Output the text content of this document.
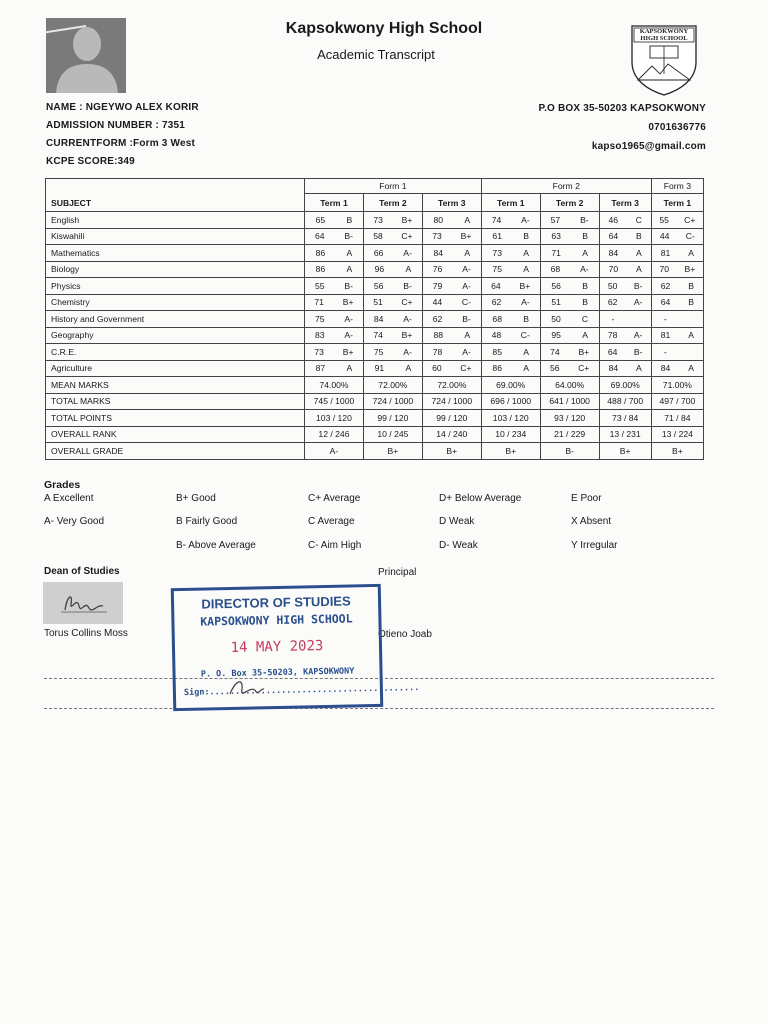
Kapsokwony High School
Academic Transcript
KAPSOKWONY HIGH SCHOOL
NAME : NGEYWO ALEX KORIR
ADMISSION NUMBER : 7351
CURRENTFORM :Form 3 West
KCPE SCORE:349
P.O BOX 35-50203 KAPSOKWONY
0701636776
kapso1965@gmail.com
SUBJECT	Form 1			Form 2			Form 3
	Term 1	Term 2	Term 3	Term 1	Term 2	Term 3	Term 1
English	65 B	73 B+	80 A	74 A-	57 B-	46 C	55 C+

Kiswahili	64 B-	58 C+	73 B+	61 B	63 B	64 B	44 C-

Mathematics	86 A	66 A-	84 A	73 A	71 A	84 A	81 A

Biology	86 A	96 A	76 A-	75 A	68 A-	70 A	70 B+

Physics	55 B-	56 B-	79 A-	64 B+	56 B	50 B-	62 B

Chemistry	71 B+	51 C+	44 C-	62 A-	51 B	62 A-	64 B

History and Government	75 A-	84 A-	62 B-	68 B	50 C	-	-

Geography	83 A-	74 B+	88 A	48 C-	95 A	78 A-	81 A

C.R.E.	73 B+	75 A-	78 A-	85 A	74 B+	64 B-	-

Agriculture	87 A	91 A	60 C+	86 A	56 C+	84 A	84 A

MEAN MARKS	74.00%	72.00%	72.00%	69.00%	64.00%	69.00%	71.00%
TOTAL MARKS	745 / 1000	724 / 1000	724 / 1000	696 / 1000	641 / 1000	488 / 700	497 / 700
TOTAL POINTS	103 / 120	99 / 120	99 / 120	103 / 120	93 / 120	73 / 84	71 / 84
OVERALL RANK	12 / 246	10 / 245	14 / 240	10 / 234	21 / 229	13 / 231	13 / 224
OVERALL GRADE	A-	B+	B+	B+	B-	B+	B+
Grades
A Excellent	B+ Good	C+ Average	D+ Below Average	E Poor
A- Very Good	B Fairly Good	C Average	D Weak	X Absent
B- Above Average	C- Aim High	D- Weak	Y Irregular
Dean of Studies
Torus Collins Moss
Principal
Otieno Joab
DIRECTOR OF STUDIES
KAPSOKWONY HIGH SCHOOL
14 MAY 2023
P. O. Box 35-50203, KAPSOKWONY
Sign:.........................................
